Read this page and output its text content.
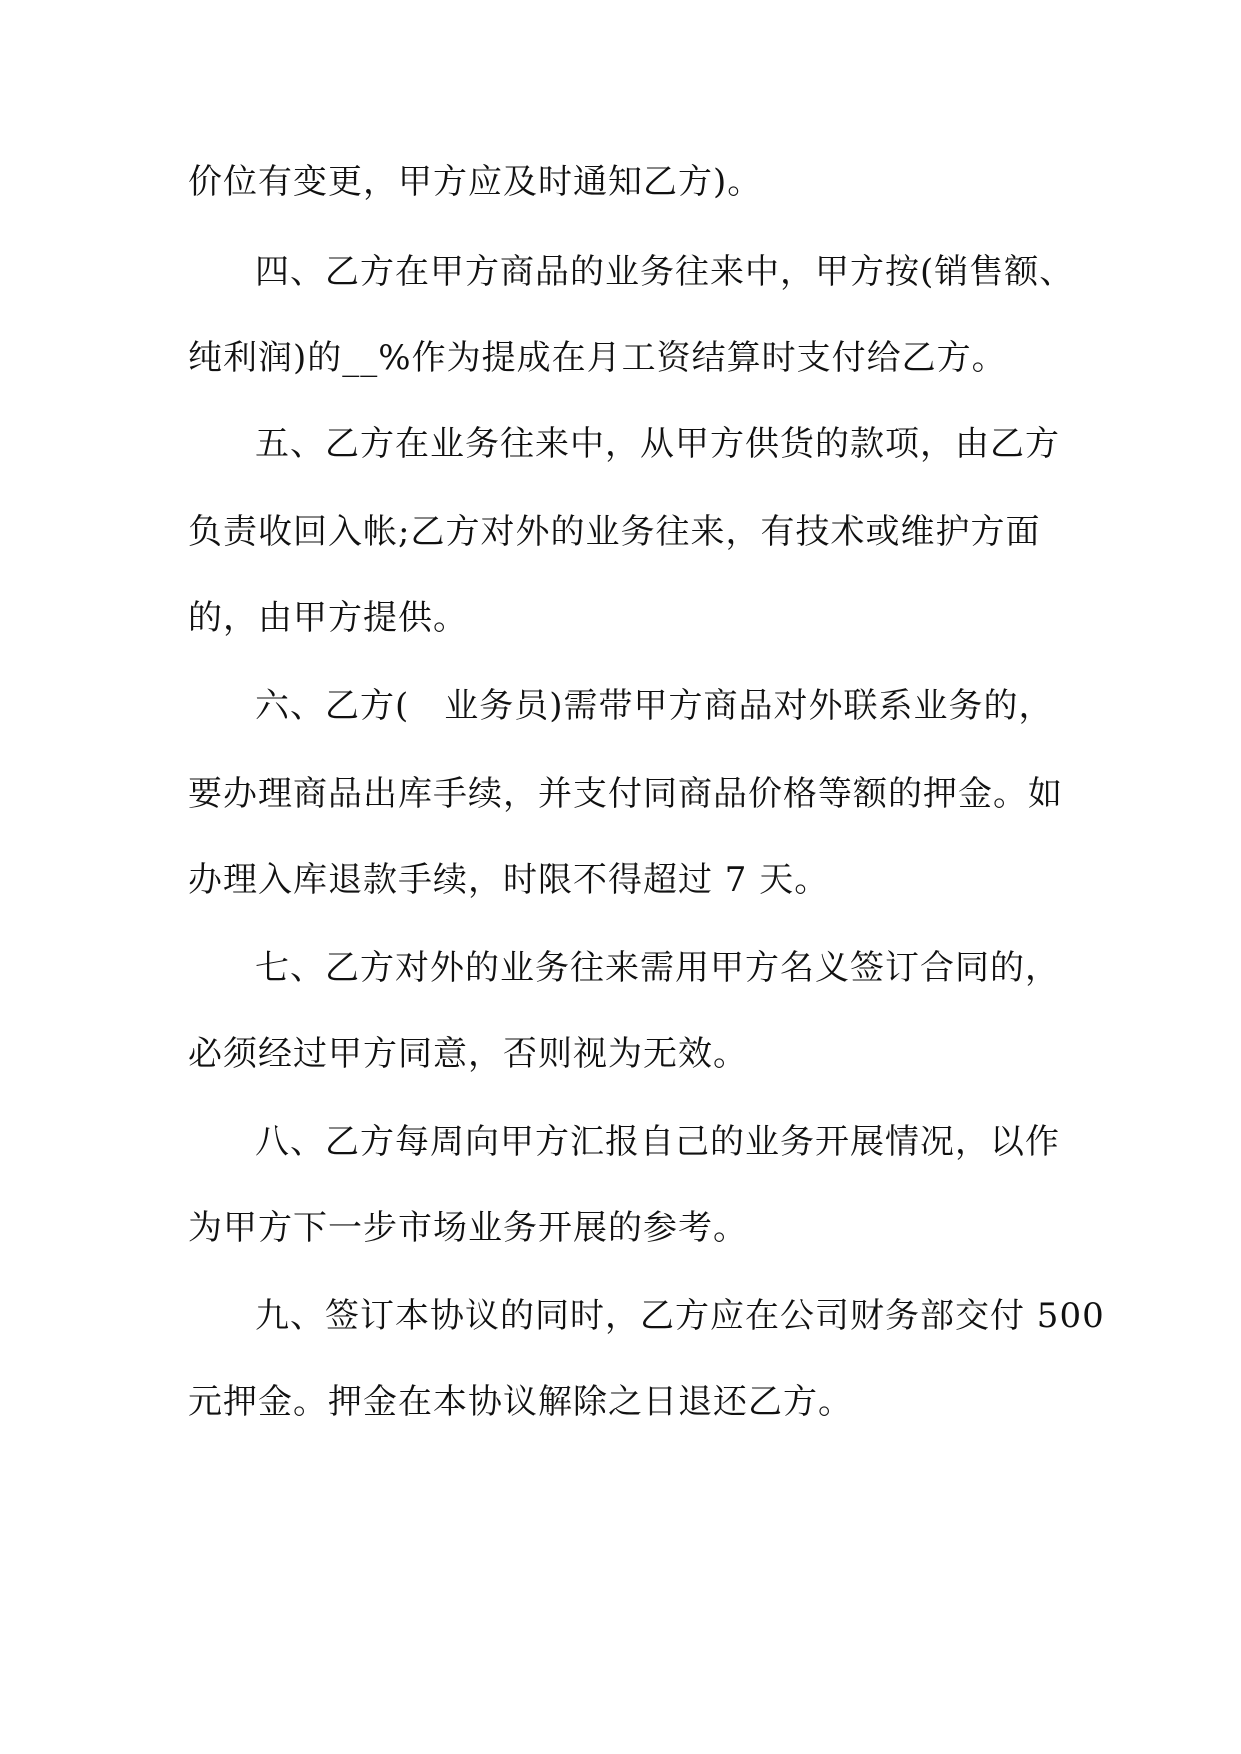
价位有变更，甲方应及时通知乙方)。
四、乙方在甲方商品的业务往来中，甲方按(销售额、
纯利润)的__%作为提成在月工资结算时支付给乙方。
五、乙方在业务往来中，从甲方供货的款项，由乙方
负责收回入帐;乙方对外的业务往来，有技术或维护方面
的，由甲方提供。
六、乙方(　业务员)需带甲方商品对外联系业务的，
要办理商品出库手续，并支付同商品价格等额的押金。如
办理入库退款手续，时限不得超过 7 天。
七、乙方对外的业务往来需用甲方名义签订合同的，
必须经过甲方同意，否则视为无效。
八、乙方每周向甲方汇报自己的业务开展情况，以作
为甲方下一步市场业务开展的参考。
九、签订本协议的同时，乙方应在公司财务部交付 500
元押金。押金在本协议解除之日退还乙方。
